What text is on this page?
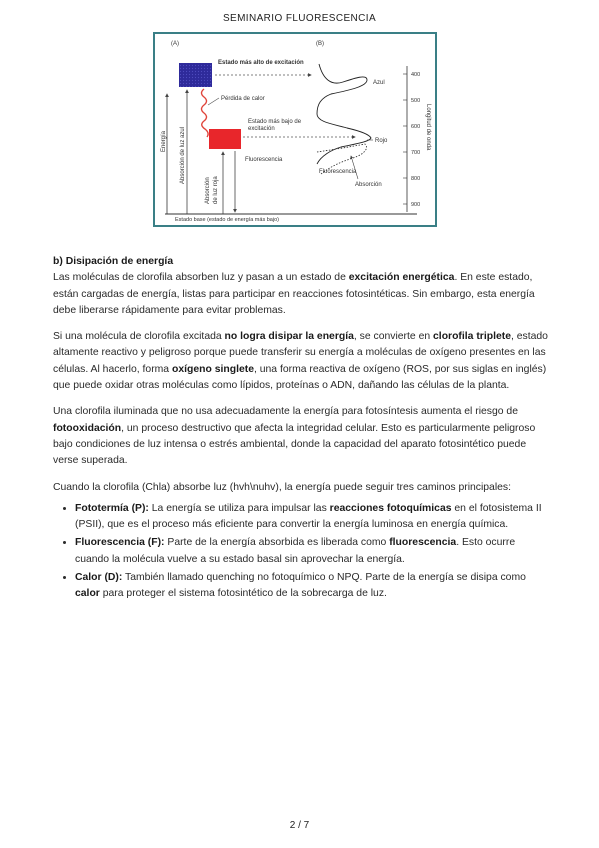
SEMINARIO FLUORESCENCIA
(A)
Estado más alto de excitación
Pérdida de calor
Estado más bajo de
excitación
Fluorescencia
Energía Absorción de luz azul
Absorción de luz roja
Estado base (estado de energía más bajo)
(B)
Azul
Rojo
Fluorescencia
Absorción
400
500
600
700
800
900
Longitud de onda
b) Disipación de energía

Las moléculas de clorofila absorben luz y pasan a un estado de excitación energética. En este estado, están cargadas de energía, listas para participar en reacciones fotosintéticas. Sin embargo, esta energía debe liberarse rápidamente para evitar problemas.

Si una molécula de clorofila excitada no logra disipar la energía, se convierte en clorofila triplete, estado altamente reactivo y peligroso porque puede transferir su energía a moléculas de oxígeno presentes en las células. Al hacerlo, forma oxígeno singlete, una forma reactiva de oxígeno (ROS, por sus siglas en inglés) que puede oxidar otras moléculas como lípidos, proteínas o ADN, dañando las células de la planta.

Una clorofila iluminada que no usa adecuadamente la energía para fotosíntesis aumenta el riesgo de fotooxidación, un proceso destructivo que afecta la integridad celular. Esto es particularmente peligroso bajo condiciones de luz intensa o estrés ambiental, donde la capacidad del aparato fotosintético puede verse superada.

Cuando la clorofila (Chla) absorbe luz (hvh\nuhv), la energía puede seguir tres caminos principales:

• Fototermía (P): La energía se utiliza para impulsar las reacciones fotoquímicas en el fotosistema II (PSII), que es el proceso más eficiente para convertir la energía luminosa en energía química.
• Fluorescencia (F): Parte de la energía absorbida es liberada como fluorescencia. Esto ocurre cuando la molécula vuelve a su estado basal sin aprovechar la energía.
• Calor (D): También llamado quenching no fotoquímico o NPQ. Parte de la energía se disipa como calor para proteger el sistema fotosintético de la sobrecarga de luz.
2 / 7
